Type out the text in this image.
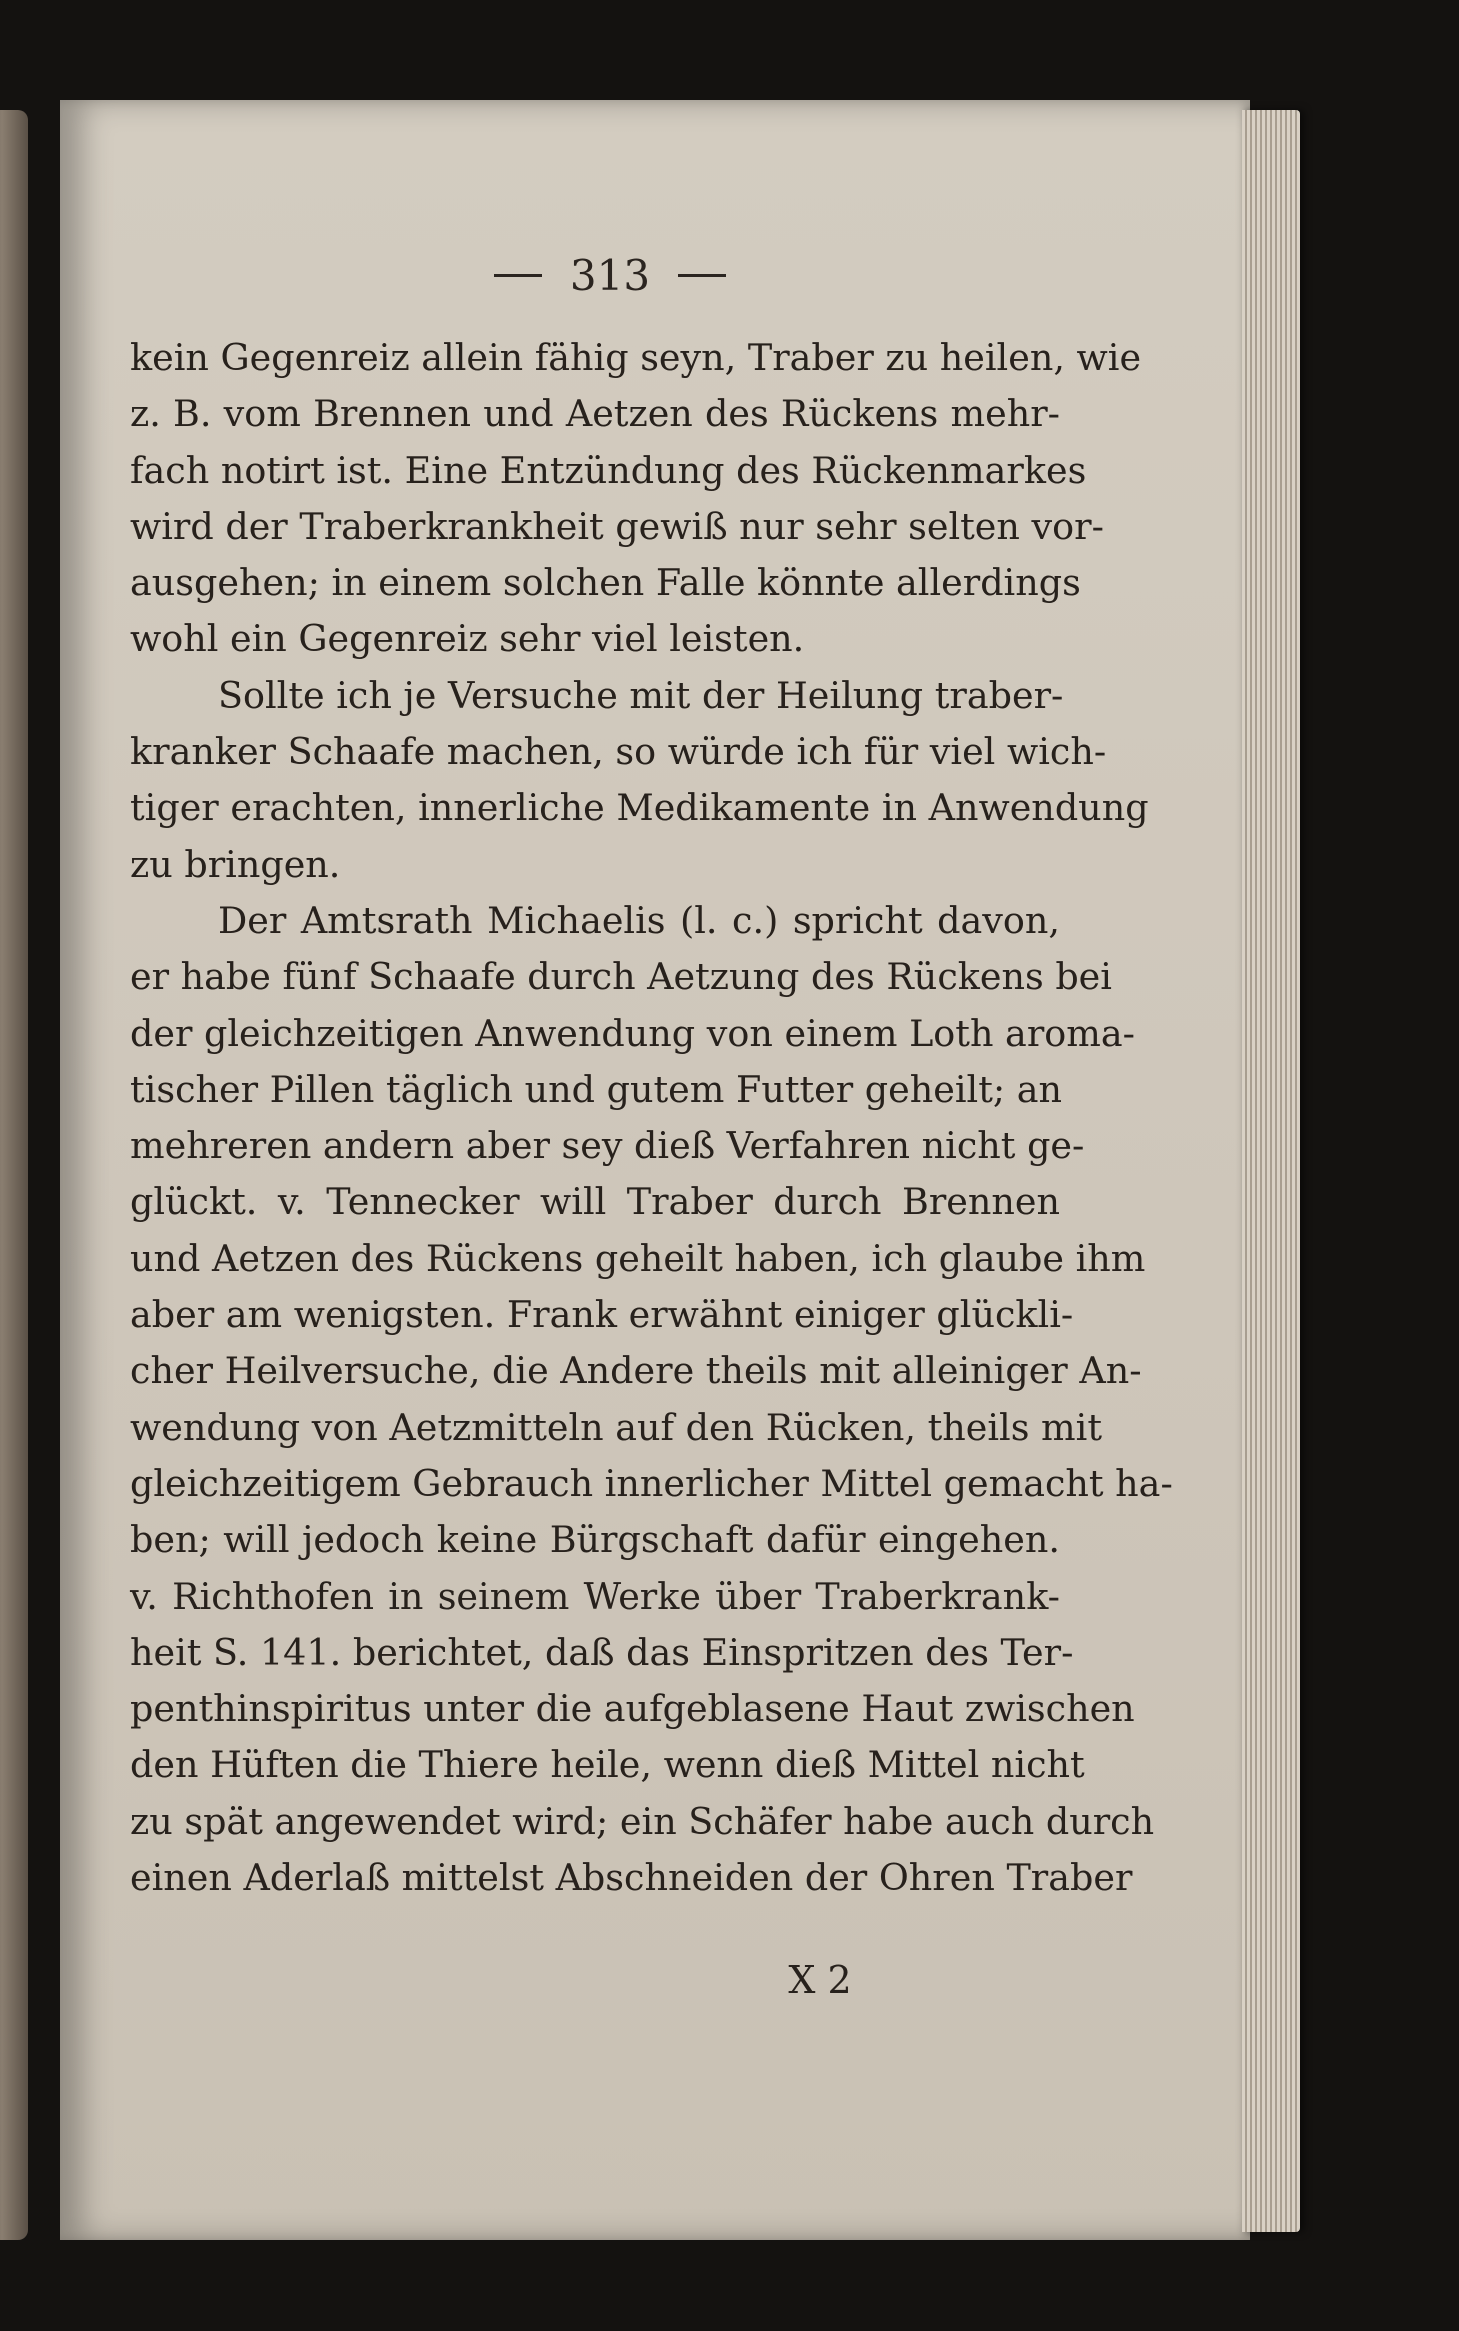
313
kein Gegenreiz allein fähig seyn, Traber zu heilen, wie
z. B. vom Brennen und Aetzen des Rückens mehr-
fach notirt ist. Eine Entzündung des Rückenmarkes
wird der Traberkrankheit gewiß nur sehr selten vor-
ausgehen; in einem solchen Falle könnte allerdings
wohl ein Gegenreiz sehr viel leisten.
Sollte ich je Versuche mit der Heilung traber-
kranker Schaafe machen, so würde ich für viel wich-
tiger erachten, innerliche Medikamente in Anwendung
zu bringen.
Der Amtsrath Michaelis (l. c.) spricht davon,
er habe fünf Schaafe durch Aetzung des Rückens bei
der gleichzeitigen Anwendung von einem Loth aroma-
tischer Pillen täglich und gutem Futter geheilt; an
mehreren andern aber sey dieß Verfahren nicht ge-
glückt. v. Tennecker will Traber durch Brennen
und Aetzen des Rückens geheilt haben, ich glaube ihm
aber am wenigsten. Frank erwähnt einiger glückli-
cher Heilversuche, die Andere theils mit alleiniger An-
wendung von Aetzmitteln auf den Rücken, theils mit
gleichzeitigem Gebrauch innerlicher Mittel gemacht ha-
ben; will jedoch keine Bürgschaft dafür eingehen.
v. Richthofen in seinem Werke über Traberkrank-
heit S. 141. berichtet, daß das Einspritzen des Ter-
penthinspiritus unter die aufgeblasene Haut zwischen
den Hüften die Thiere heile, wenn dieß Mittel nicht
zu spät angewendet wird; ein Schäfer habe auch durch
einen Aderlaß mittelst Abschneiden der Ohren Traber
X 2
